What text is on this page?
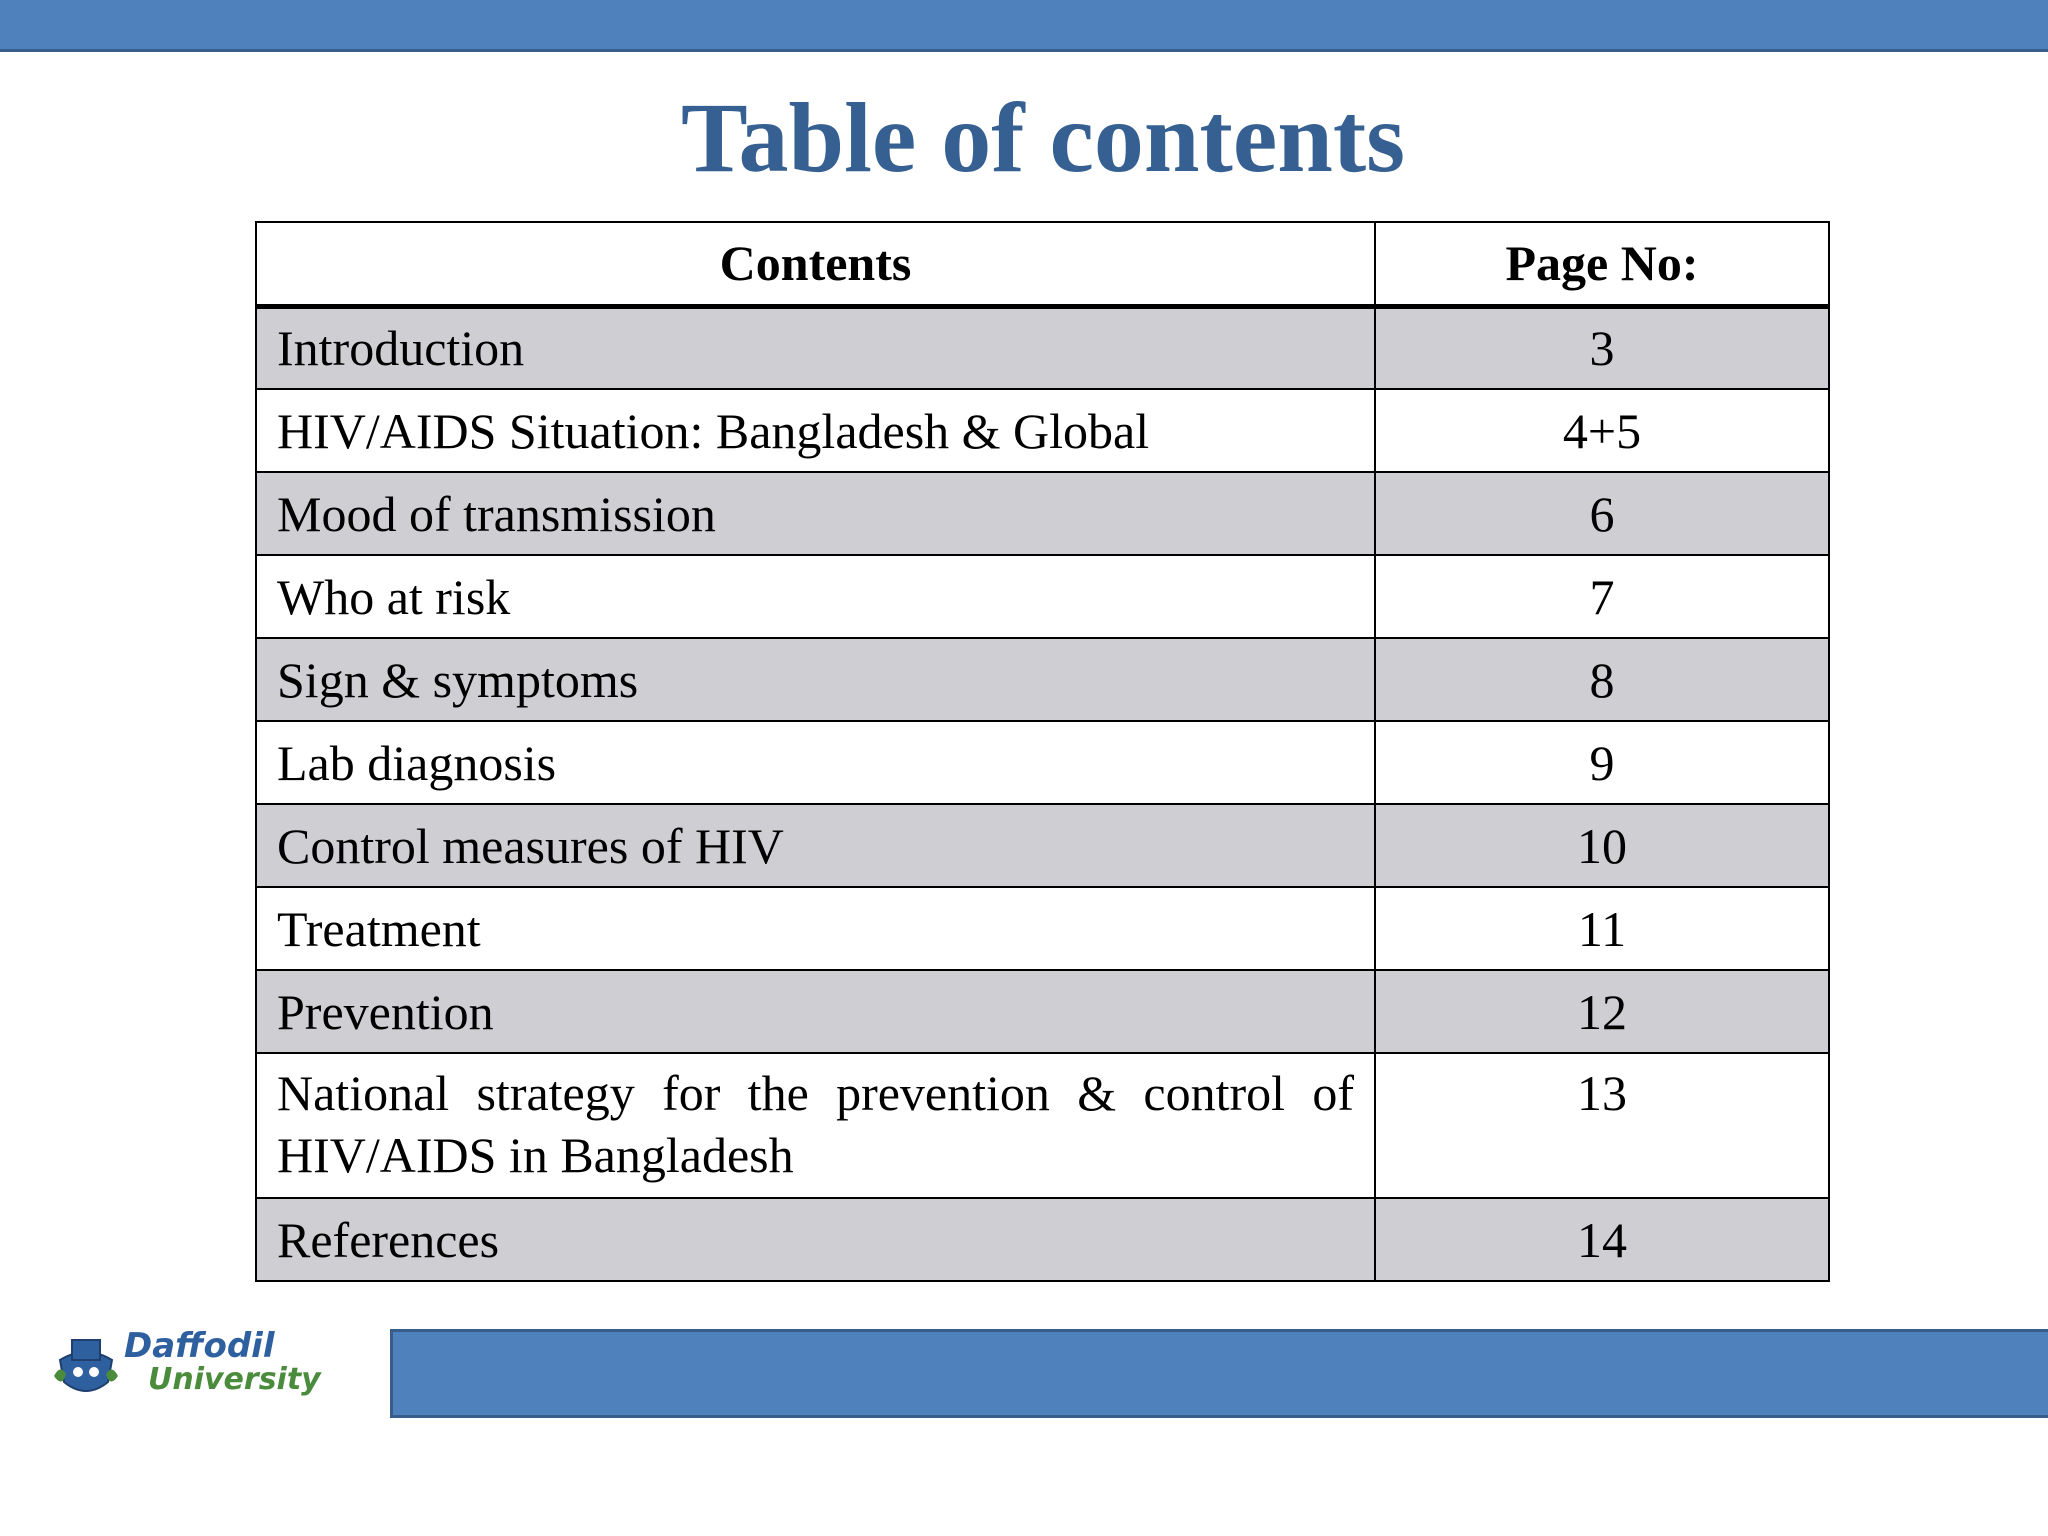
Table of contents
Contents	Page No:
Introduction	3
HIV/AIDS Situation: Bangladesh & Global	4+5
Mood of transmission	6
Who at risk	7
Sign & symptoms	8
Lab diagnosis	9
Control measures of HIV	10
Treatment	11
Prevention	12
National strategy for the prevention & control of HIV/AIDS in Bangladesh	13
References	14
Daffodil
University
